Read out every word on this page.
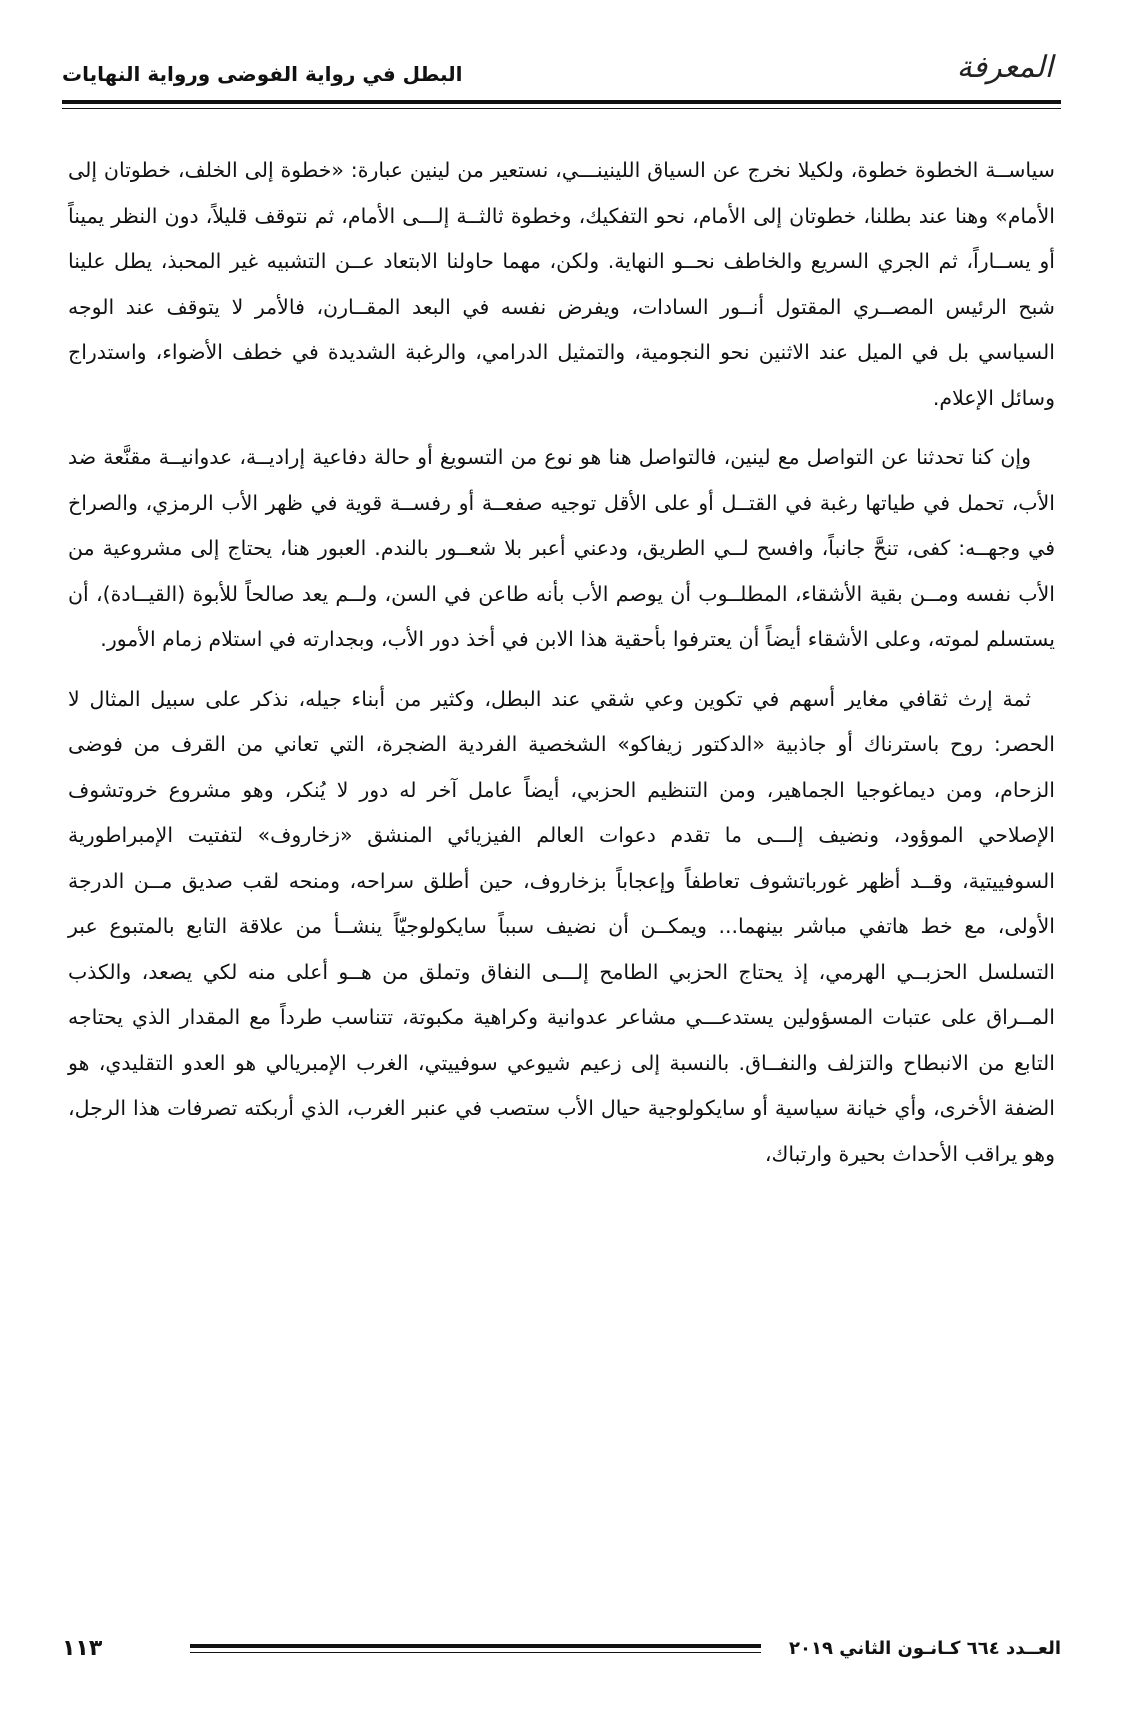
المعرفة
البطل في رواية الفوضى ورواية النهايات

سياســة الخطوة خطوة، ولكيلا نخرج عن السياق اللينينـــي، نستعير من لينين عبارة: «خطوة إلى الخلف، خطوتان إلى الأمام» وهنا عند بطلنا، خطوتان إلى الأمام، نحو التفكيك، وخطوة ثالثــة إلـــى الأمام، ثم نتوقف قليلاً، دون النظر يميناً أو يســاراً، ثم الجري السريع والخاطف نحــو النهاية. ولكن، مهما حاولنا الابتعاد عــن التشبيه غير المحبذ، يطل علينا شبح الرئيس المصــري المقتول أنــور السادات، ويفرض نفسه في البعد المقــارن، فالأمر لا يتوقف عند الوجه السياسي بل في الميل عند الاثنين نحو النجومية، والتمثيل الدرامي، والرغبة الشديدة في خطف الأضواء، واستدراج وسائل الإعلام.

وإن كنا تحدثنا عن التواصل مع لينين، فالتواصل هنا هو نوع من التسويغ أو حالة دفاعية إراديــة، عدوانيــة مقنَّعة ضد الأب، تحمل في طياتها رغبة في القتــل أو على الأقل توجيه صفعــة أو رفســة قوية في ظهر الأب الرمزي، والصراخ في وجهــه: كفى، تنحَّ جانباً، وافسح لــي الطريق، ودعني أعبر بلا شعــور بالندم. العبور هنا، يحتاج إلى مشروعية من الأب نفسه ومــن بقية الأشقاء، المطلــوب أن يوصم الأب بأنه طاعن في السن، ولــم يعد صالحاً للأبوة (القيــادة)، أن يستسلم لموته، وعلى الأشقاء أيضاً أن يعترفوا بأحقية هذا الابن في أخذ دور الأب، وبجدارته في استلام زمام الأمور.

ثمة إرث ثقافي مغاير أسهم في تكوين وعي شقي عند البطل، وكثير من أبناء جيله، نذكر على سبيل المثال لا الحصر: روح باسترناك أو جاذبية «الدكتور زيفاكو» الشخصية الفردية الضجرة، التي تعاني من القرف من فوضى الزحام، ومن ديماغوجيا الجماهير، ومن التنظيم الحزبي، أيضاً عامل آخر له دور لا يُنكر، وهو مشروع خروتشوف الإصلاحي الموؤود، ونضيف إلـــى ما تقدم دعوات العالم الفيزيائي المنشق «زخاروف» لتفتيت الإمبراطورية السوفييتية، وقــد أظهر غورباتشوف تعاطفاً وإعجاباً بزخاروف، حين أطلق سراحه، ومنحه لقب صديق مــن الدرجة الأولى، مع خط هاتفي مباشر بينهما... ويمكــن أن نضيف سبباً سايكولوجيّاً ينشــأ من علاقة التابع بالمتبوع عبر التسلسل الحزبــي الهرمي، إذ يحتاج الحزبي الطامح إلـــى النفاق وتملق من هــو أعلى منه لكي يصعد، والكذب المــراق على عتبات المسؤولين يستدعـــي مشاعر عدوانية وكراهية مكبوتة، تتناسب طرداً مع المقدار الذي يحتاجه التابع من الانبطاح والتزلف والنفــاق. بالنسبة إلى زعيم شيوعي سوفييتي، الغرب الإمبريالي هو العدو التقليدي، هو الضفة الأخرى، وأي خيانة سياسية أو سايكولوجية حيال الأب ستصب في عنبر الغرب، الذي أربكته تصرفات هذا الرجل، وهو يراقب الأحداث بحيرة وارتباك،

العــدد ٦٦٤ كـانـون الثاني ٢٠١٩
١١٣
